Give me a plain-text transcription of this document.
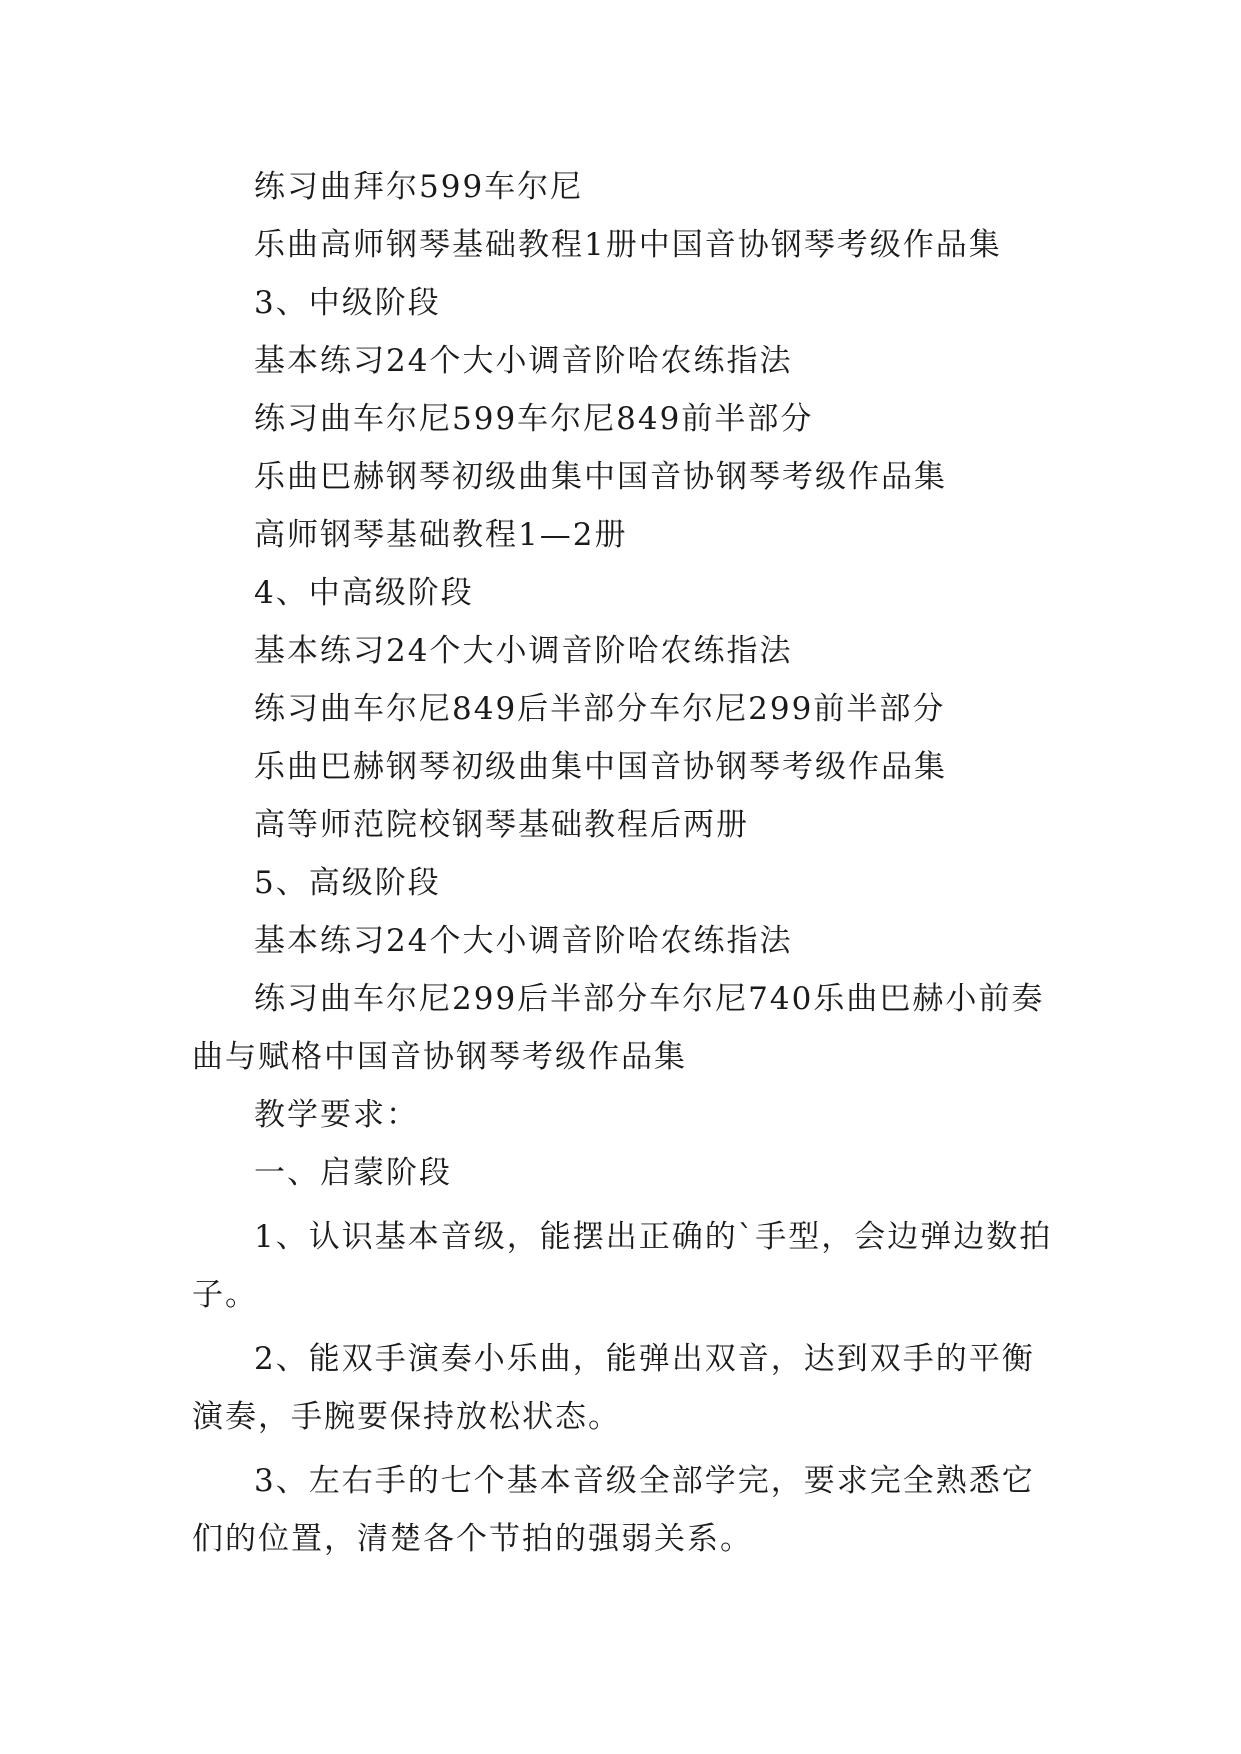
练习曲拜尔599车尔尼
乐曲高师钢琴基础教程1册中国音协钢琴考级作品集
3、中级阶段
基本练习24个大小调音阶哈农练指法
练习曲车尔尼599车尔尼849前半部分
乐曲巴赫钢琴初级曲集中国音协钢琴考级作品集
高师钢琴基础教程1—2册
4、中高级阶段
基本练习24个大小调音阶哈农练指法
练习曲车尔尼849后半部分车尔尼299前半部分
乐曲巴赫钢琴初级曲集中国音协钢琴考级作品集
高等师范院校钢琴基础教程后两册
5、高级阶段
基本练习24个大小调音阶哈农练指法
练习曲车尔尼299后半部分车尔尼740乐曲巴赫小前奏
曲与赋格中国音协钢琴考级作品集
教学要求：
一、启蒙阶段
1、认识基本音级，能摆出正确的`手型，会边弹边数拍
子。
2、能双手演奏小乐曲，能弹出双音，达到双手的平衡
演奏，手腕要保持放松状态。
3、左右手的七个基本音级全部学完，要求完全熟悉它
们的位置，清楚各个节拍的强弱关系。
